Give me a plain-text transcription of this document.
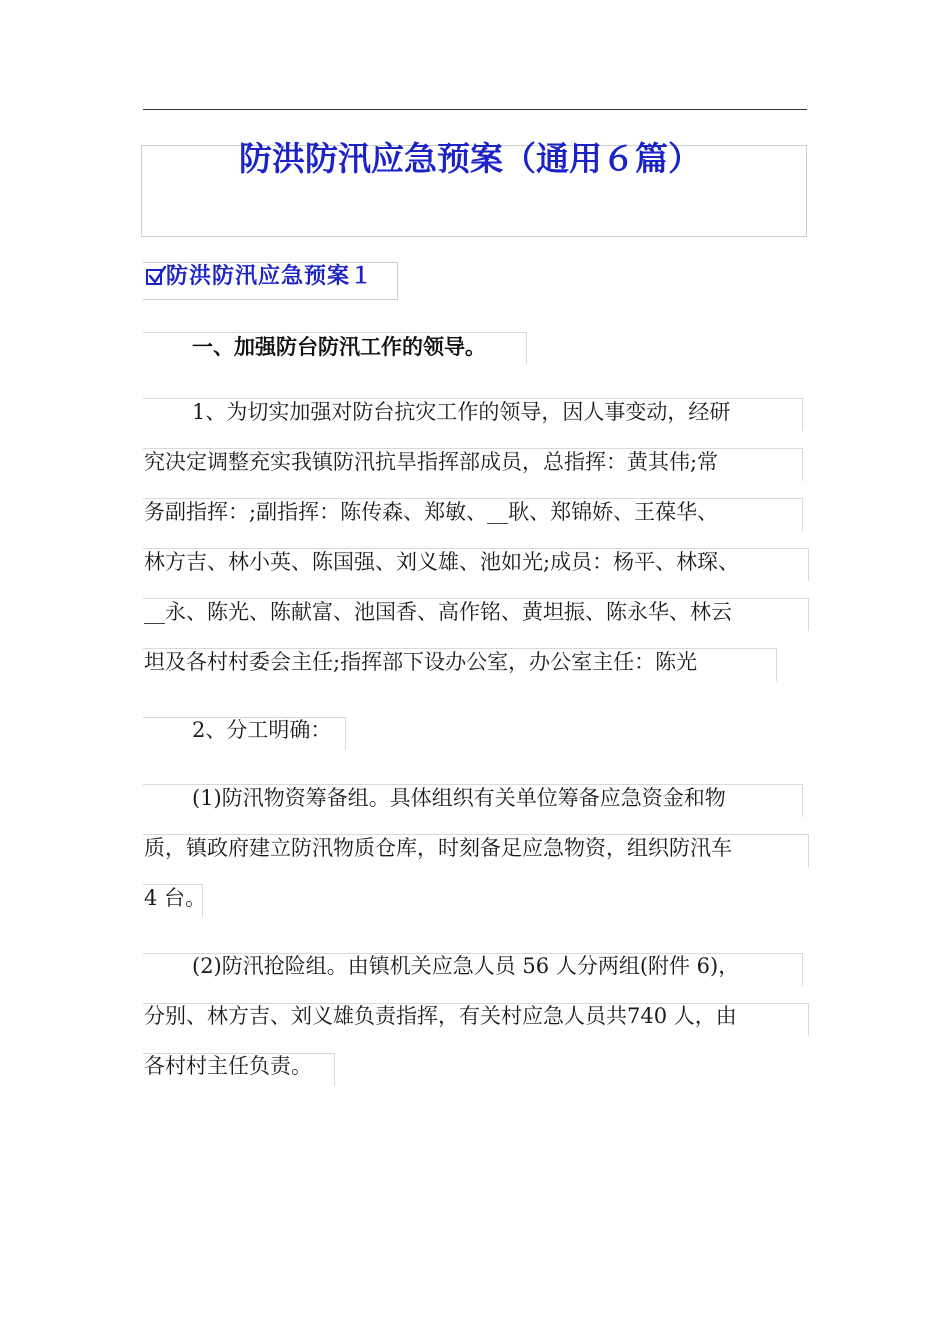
防洪防汛应急预案（通用６篇）
防洪防汛应急预案１
一、加强防台防汛工作的领导。
1、为切实加强对防台抗灾工作的领导，因人事变动，经研
究决定调整充实我镇防汛抗旱指挥部成员，总指挥：黄其伟;常
务副指挥：;副指挥：陈传森、郑敏、__耿、郑锦娇、王葆华、
林方吉、林小英、陈国强、刘义雄、池如光;成员：杨平、林琛、
__永、陈光、陈献富、池国香、高作铭、黄坦振、陈永华、林云
坦及各村村委会主任;指挥部下设办公室，办公室主任：陈光
2、分工明确：
(1)防汛物资筹备组。具体组织有关单位筹备应急资金和物
质，镇政府建立防汛物质仓库，时刻备足应急物资，组织防汛车
4 台。
(2)防汛抢险组。由镇机关应急人员 56 人分两组(附件 6)，
分别、林方吉、刘义雄负责指挥，有关村应急人员共740 人，由
各村村主任负责。
